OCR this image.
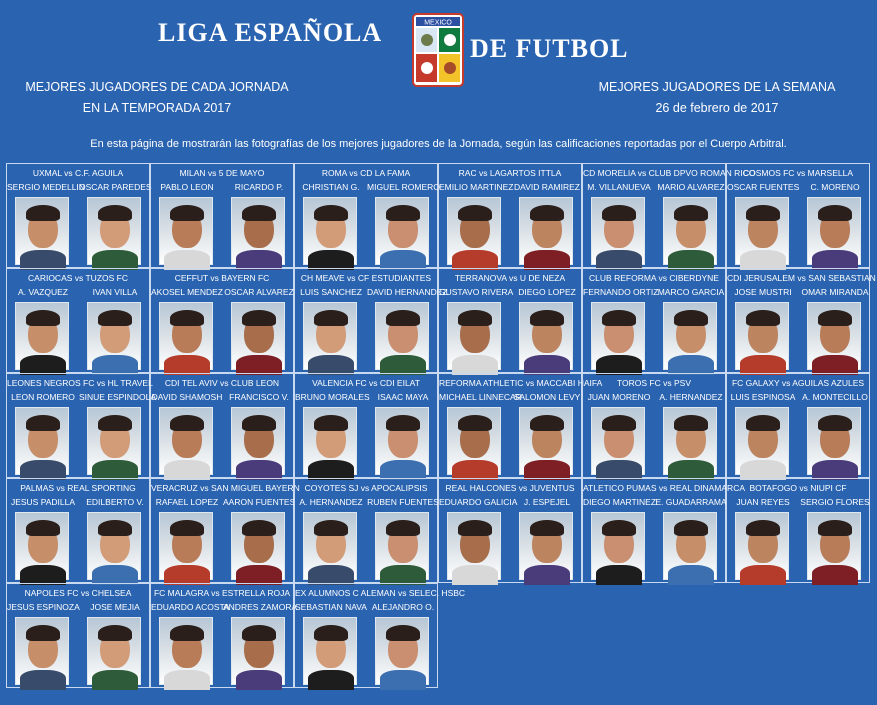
LIGA ESPAÑOLA	MEXICO
DE FUTBOL
MEJORES JUGADORES DE CADA JORNADA
EN LA TEMPORADA 2017
MEJORES JUGADORES DE LA SEMANA
26 de febrero de 2017
En esta página de mostrarán las fotografías de los mejores jugadores de la Jornada, según las calificaciones reportadas por el Cuerpo Arbitral.
UXMAL vs C.F. AGUILA
SERGIO MEDELLIN
OSCAR PAREDES
MILAN vs 5 DE MAYO
PABLO LEON	RICARDO P.
ROMA vs CD LA FAMA
CHRISTIAN G. MIGUEL ROMERO
RAC vs LAGARTOS ITTLA
EMILIO MARTINEZ DAVID RAMIREZ
CD MORELIA vs CLUB DPVO ROMAN RICO
M. VILLANUEVA MARIO ALVAREZ
COSMOS FC vs MARSELLA
OSCAR FUENTES	C. MORENO
CARIOCAS vs TUZOS FC
A. VAZQUEZ	IVAN VILLA
CEFFUT vs BAYERN FC
AKOSEL MENDEZ OSCAR ALVAREZ
CH MEAVE vs CF ESTUDIANTES
LUIS SANCHEZ DAVID HERNANDEZ
TERRANOVA vs U DE NEZA
GUSTAVO RIVERA DIEGO LOPEZ
CLUB REFORMA vs CIBERDYNE
FERNANDO ORTIZ MARCO GARCIA
CDI JERUSALEM vs SAN SEBASTIAN
JOSE MUSTRI	OMAR MIRANDA
LEONES NEGROS FC vs HL TRAVEL
LEON ROMERO SINUE ESPINDOLA
CDI TEL AVIV vs CLUB LEON
DAVID SHAMOSH FRANCISCO V.
VALENCIA FC vs CDI EILAT
BRUNO MORALES ISAAC MAYA
REFORMA ATHLETIC vs MACCABI HAIFA
MICHAEL LINNECAR
SALOMON LEVY
TOROS FC vs PSV
JUAN MORENO	A. HERNANDEZ
FC GALAXY vs AGUILAS AZULES
LUIS ESPINOSA A. MONTECILLO
PALMAS vs REAL SPORTING
JESUS PADILLA	EDILBERTO V.
VERACRUZ vs SAN MIGUEL BAYERN
RAFAEL LOPEZ AARON FUENTES
COYOTES SJ vs APOCALIPSIS
A. HERNANDEZ RUBEN FUENTES
REAL HALCONES vs JUVENTUS
EDUARDO GALICIA J. ESPEJEL
ATLETICO PUMAS vs REAL DINAMARCA
DIEGO MARTINEZ E. GUADARRAMA
BOTAFOGO vs NIUPI CF
JUAN REYES	SERGIO FLORES
NAPOLES FC vs CHELSEA
JESUS ESPINOZA	JOSE MEJIA
FC MALAGRA vs ESTRELLA ROJA
EDUARDO ACOSTA
ANDRES ZAMORA
EX ALUMNOS C ALEMAN vs SELEC. HSBC
SEBASTIAN NAVA ALEJANDRO O.
